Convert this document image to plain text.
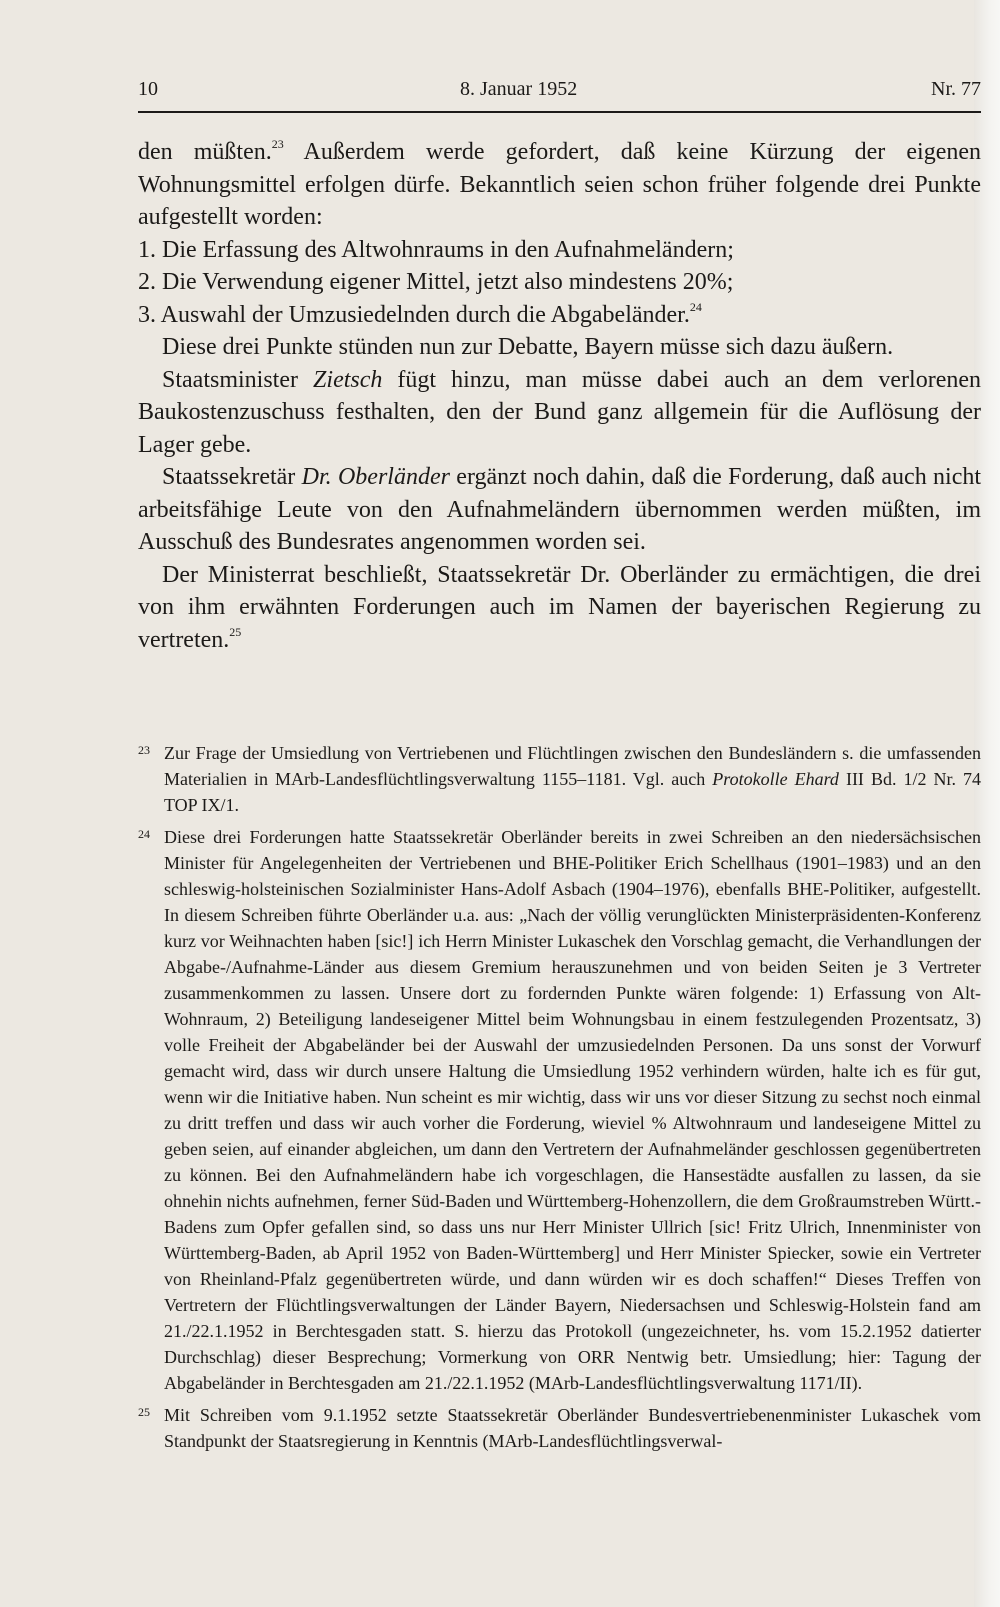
10	8. Januar 1952	Nr. 77

den müßten.$^{23}$ Außerdem werde gefordert, daß keine Kürzung der eigenen Wohnungsmittel erfolgen dürfe. Bekanntlich seien schon früher folgende drei Punkte aufgestellt worden:

1. Die Erfassung des Altwohnraums in den Aufnahmeländern;

2. Die Verwendung eigener Mittel, jetzt also mindestens 20%;

3. Auswahl der Umzusiedelnden durch die Abgabeländer.$^{24}$

Diese drei Punkte stünden nun zur Debatte, Bayern müsse sich dazu äußern.

Staatsminister Zietsch fügt hinzu, man müsse dabei auch an dem verlorenen Baukostenzuschuss festhalten, den der Bund ganz allgemein für die Auflösung der Lager gebe.

Staatssekretär Dr. Oberländer ergänzt noch dahin, daß die Forderung, daß auch nicht arbeitsfähige Leute von den Aufnahmeländern übernommen werden müßten, im Ausschuß des Bundesrates angenommen worden sei.

Der Ministerrat beschließt, Staatssekretär Dr. Oberländer zu ermächtigen, die drei von ihm erwähnten Forderungen auch im Namen der bayerischen Regierung zu vertreten.$^{25}$

23 Zur Frage der Umsiedlung von Vertriebenen und Flüchtlingen zwischen den Bundesländern s. die umfassenden Materialien in MArb-Landesflüchtlingsverwaltung 1155–1181. Vgl. auch Protokolle Ehard III Bd. 1/2 Nr. 74 TOP IX/1.

24 Diese drei Forderungen hatte Staatssekretär Oberländer bereits in zwei Schreiben an den niedersächsischen Minister für Angelegenheiten der Vertriebenen und BHE-Politiker Erich Schellhaus (1901–1983) und an den schleswig-holsteinischen Sozialminister Hans-Adolf Asbach (1904–1976), ebenfalls BHE-Politiker, aufgestellt. In diesem Schreiben führte Oberländer u.a. aus: „Nach der völlig verunglückten Ministerpräsidenten-Konferenz kurz vor Weihnachten haben [sic!] ich Herrn Minister Lukaschek den Vorschlag gemacht, die Verhandlungen der Abgabe-/Aufnahme-Länder aus diesem Gremium herauszunehmen und von beiden Seiten je 3 Vertreter zusammenkommen zu lassen. Unsere dort zu fordernden Punkte wären folgende: 1) Erfassung von Alt-Wohnraum, 2) Beteiligung landeseigener Mittel beim Wohnungsbau in einem festzulegenden Prozentsatz, 3) volle Freiheit der Abgabeländer bei der Auswahl der umzusiedelnden Personen. Da uns sonst der Vorwurf gemacht wird, dass wir durch unsere Haltung die Umsiedlung 1952 verhindern würden, halte ich es für gut, wenn wir die Initiative haben. Nun scheint es mir wichtig, dass wir uns vor dieser Sitzung zu sechst noch einmal zu dritt treffen und dass wir auch vorher die Forderung, wieviel % Altwohnraum und landeseigene Mittel zu geben seien, auf einander abgleichen, um dann den Vertretern der Aufnahmeländer geschlossen gegenübertreten zu können. Bei den Aufnahmeländern habe ich vorgeschlagen, die Hansestädte ausfallen zu lassen, da sie ohnehin nichts aufnehmen, ferner Süd-Baden und Württemberg-Hohenzollern, die dem Großraumstreben Württ.-Badens zum Opfer gefallen sind, so dass uns nur Herr Minister Ullrich [sic! Fritz Ulrich, Innenminister von Württemberg-Baden, ab April 1952 von Baden-Württemberg] und Herr Minister Spiecker, sowie ein Vertreter von Rheinland-Pfalz gegenübertreten würde, und dann würden wir es doch schaffen!“ Dieses Treffen von Vertretern der Flüchtlingsverwaltungen der Länder Bayern, Niedersachsen und Schleswig-Holstein fand am 21./22.1.1952 in Berchtesgaden statt. S. hierzu das Protokoll (ungezeichneter, hs. vom 15.2.1952 datierter Durchschlag) dieser Besprechung; Vormerkung von ORR Nentwig betr. Umsiedlung; hier: Tagung der Abgabeländer in Berchtesgaden am 21./22.1.1952 (MArb-Landesflüchtlingsverwaltung 1171/II).

25 Mit Schreiben vom 9.1.1952 setzte Staatssekretär Oberländer Bundesvertriebenenminister Lukaschek vom Standpunkt der Staatsregierung in Kenntnis (MArb-Landesflüchtlingsverwal-
